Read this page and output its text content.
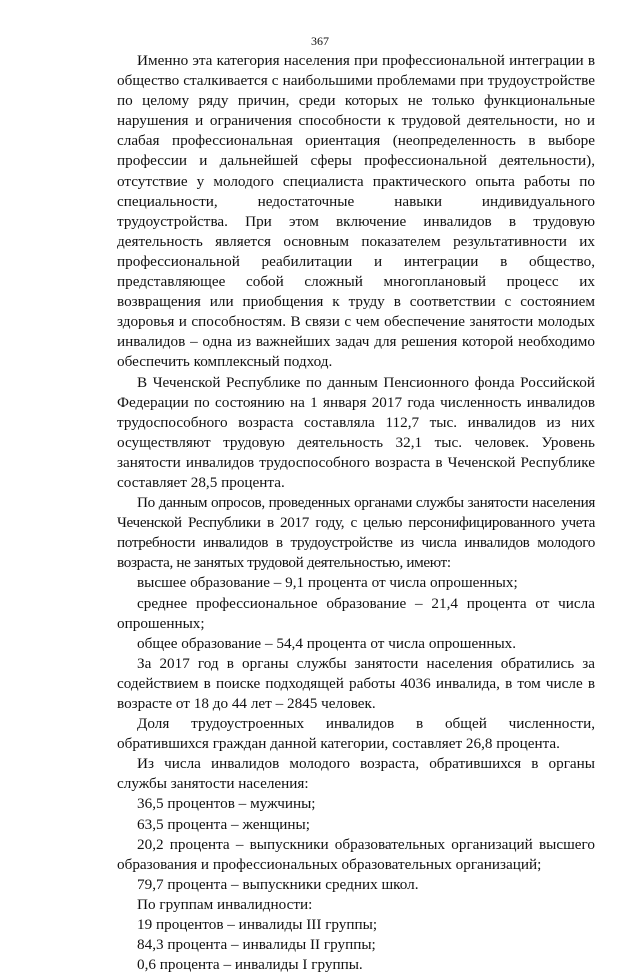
367

Именно эта категория населения при профессиональной интеграции в общество сталкивается с наибольшими проблемами при трудоустройстве по целому ряду причин, среди которых не только функциональные нарушения и ограничения способности к трудовой деятельности, но и слабая профессиональная ориентация (неопределенность в выборе профессии и дальнейшей сферы профессиональной деятельности), отсутствие у молодого специалиста практического опыта работы по специальности, недостаточные навыки индивидуального трудоустройства. При этом включение инвалидов в трудовую деятельность является основным показателем результативности их профессиональной реабилитации и интеграции в общество, представляющее собой сложный многоплановый процесс их возвращения или приобщения к труду в соответствии с состоянием здоровья и способностям. В связи с чем обеспечение занятости молодых инвалидов – одна из важнейших задач для решения которой необходимо обеспечить комплексный подход.

В Чеченской Республике по данным Пенсионного фонда Российской Федерации по состоянию на 1 января 2017 года численность инвалидов трудоспособного возраста составляла 112,7 тыс. инвалидов из них осуществляют трудовую деятельность 32,1 тыс. человек. Уровень занятости инвалидов трудоспособного возраста в Чеченской Республике составляет 28,5 процента.

По данным опросов, проведенных органами службы занятости населения Чеченской Республики в 2017 году, с целью персонифицированного учета потребности инвалидов в трудоустройстве из числа инвалидов молодого возраста, не занятых трудовой деятельностью, имеют:

высшее образование – 9,1 процента от числа опрошенных;

среднее профессиональное образование – 21,4 процента от числа опрошенных;

общее образование – 54,4 процента от числа опрошенных.

За 2017 год в органы службы занятости населения обратились за содействием в поиске подходящей работы 4036 инвалида, в том числе в возрасте от 18 до 44 лет – 2845 человек.

Доля трудоустроенных инвалидов в общей численности, обратившихся граждан данной категории, составляет 26,8 процента.

Из числа инвалидов молодого возраста, обратившихся в органы службы занятости населения:

36,5 процентов – мужчины;

63,5 процента – женщины;

20,2 процента – выпускники образовательных организаций высшего образования и профессиональных образовательных организаций;

79,7 процента – выпускники средних школ.

По группам инвалидности:

19 процентов – инвалиды III группы;

84,3 процента – инвалиды II группы;

0,6 процента – инвалиды I группы.
